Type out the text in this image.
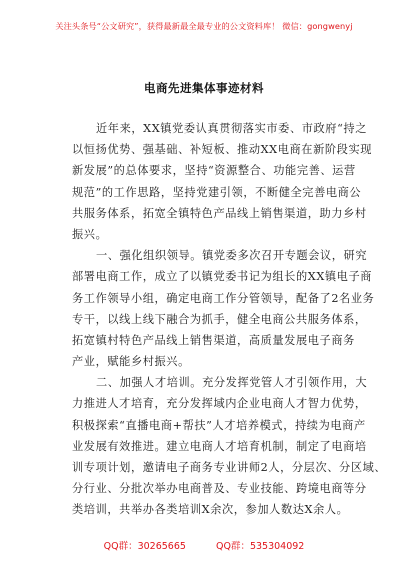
关注头条号“公文研究”，获得最新最全最专业的公文资料库！ 微信：gongwenyj
电商先进集体事迹材料
近年来，XX镇党委认真贯彻落实市委、市政府“持之
以恒扬优势、强基础、补短板、推动XX电商在新阶段实现
新发展”的总体要求，坚持“资源整合、功能完善、运营
规范”的工作思路，坚持党建引领，不断健全完善电商公
共服务体系，拓宽全镇特色产品线上销售渠道，助力乡村
振兴。
一、强化组织领导。镇党委多次召开专题会议，研究
部署电商工作，成立了以镇党委书记为组长的XX镇电子商
务工作领导小组，确定电商工作分管领导，配备了2名业务
专干，以线上线下融合为抓手，健全电商公共服务体系，
拓宽镇村特色产品线上销售渠道，高质量发展电子商务
产业，赋能乡村振兴。
二、加强人才培训。充分发挥党管人才引领作用，大
力推进人才培育，充分发挥域内企业电商人才智力优势，
积极探索“直播电商+帮扶”人才培养模式，持续为电商产
业发展有效推进。建立电商人才培育机制，制定了电商培
训专项计划，邀请电子商务专业讲师2人，分层次、分区域、
分行业、分批次举办电商普及、专业技能、跨境电商等分
类培训，共举办各类培训X余次，参加人数达X余人。
QQ群：30265665	QQ群：535304092
